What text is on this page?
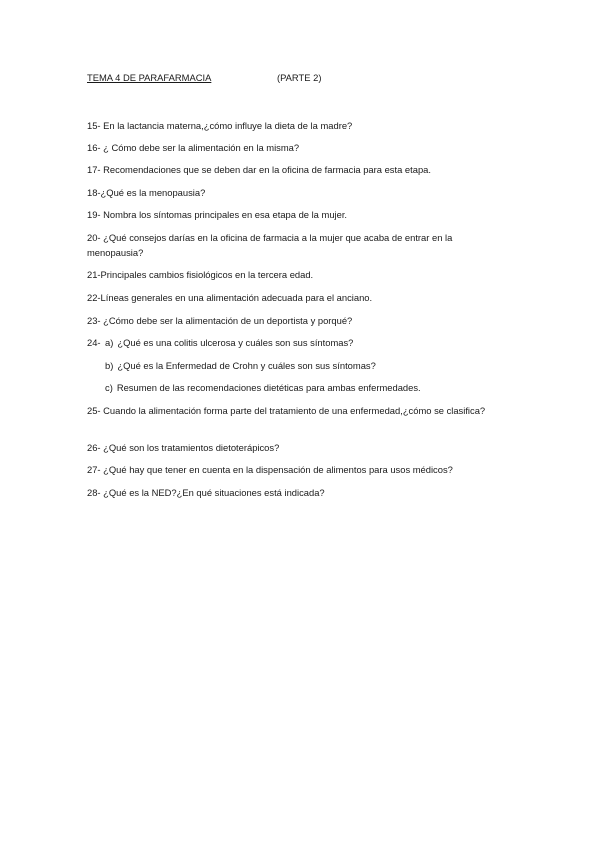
TEMA 4 DE PARAFARMACIA	(PARTE 2)
15- En la lactancia materna,¿cómo influye la dieta de la madre?
16- ¿ Cómo debe ser la alimentación en la misma?
17- Recomendaciones que se deben dar en la oficina de farmacia para esta etapa.
18-¿Qué es la menopausia?
19- Nombra los síntomas principales en esa etapa de la mujer.
20- ¿Qué consejos darías en la oficina de farmacia a la mujer que acaba de entrar en la menopausia?
21-Principales cambios fisiológicos en la tercera edad.
22-Líneas generales en una alimentación adecuada para el anciano.
23- ¿Cómo debe ser la alimentación de un deportista y porqué?
24- a) ¿Qué es una colitis ulcerosa y cuáles son sus síntomas?
b) ¿Qué es la Enfermedad de Crohn y cuáles son sus síntomas?
c) Resumen de las recomendaciones dietéticas para ambas enfermedades.
25- Cuando la alimentación forma parte del tratamiento de una enfermedad,¿cómo se clasifica?
26- ¿Qué son los tratamientos dietoterápicos?
27- ¿Qué hay que tener en cuenta en la dispensación de alimentos para usos médicos?
28- ¿Qué es la NED?¿En qué situaciones está indicada?
